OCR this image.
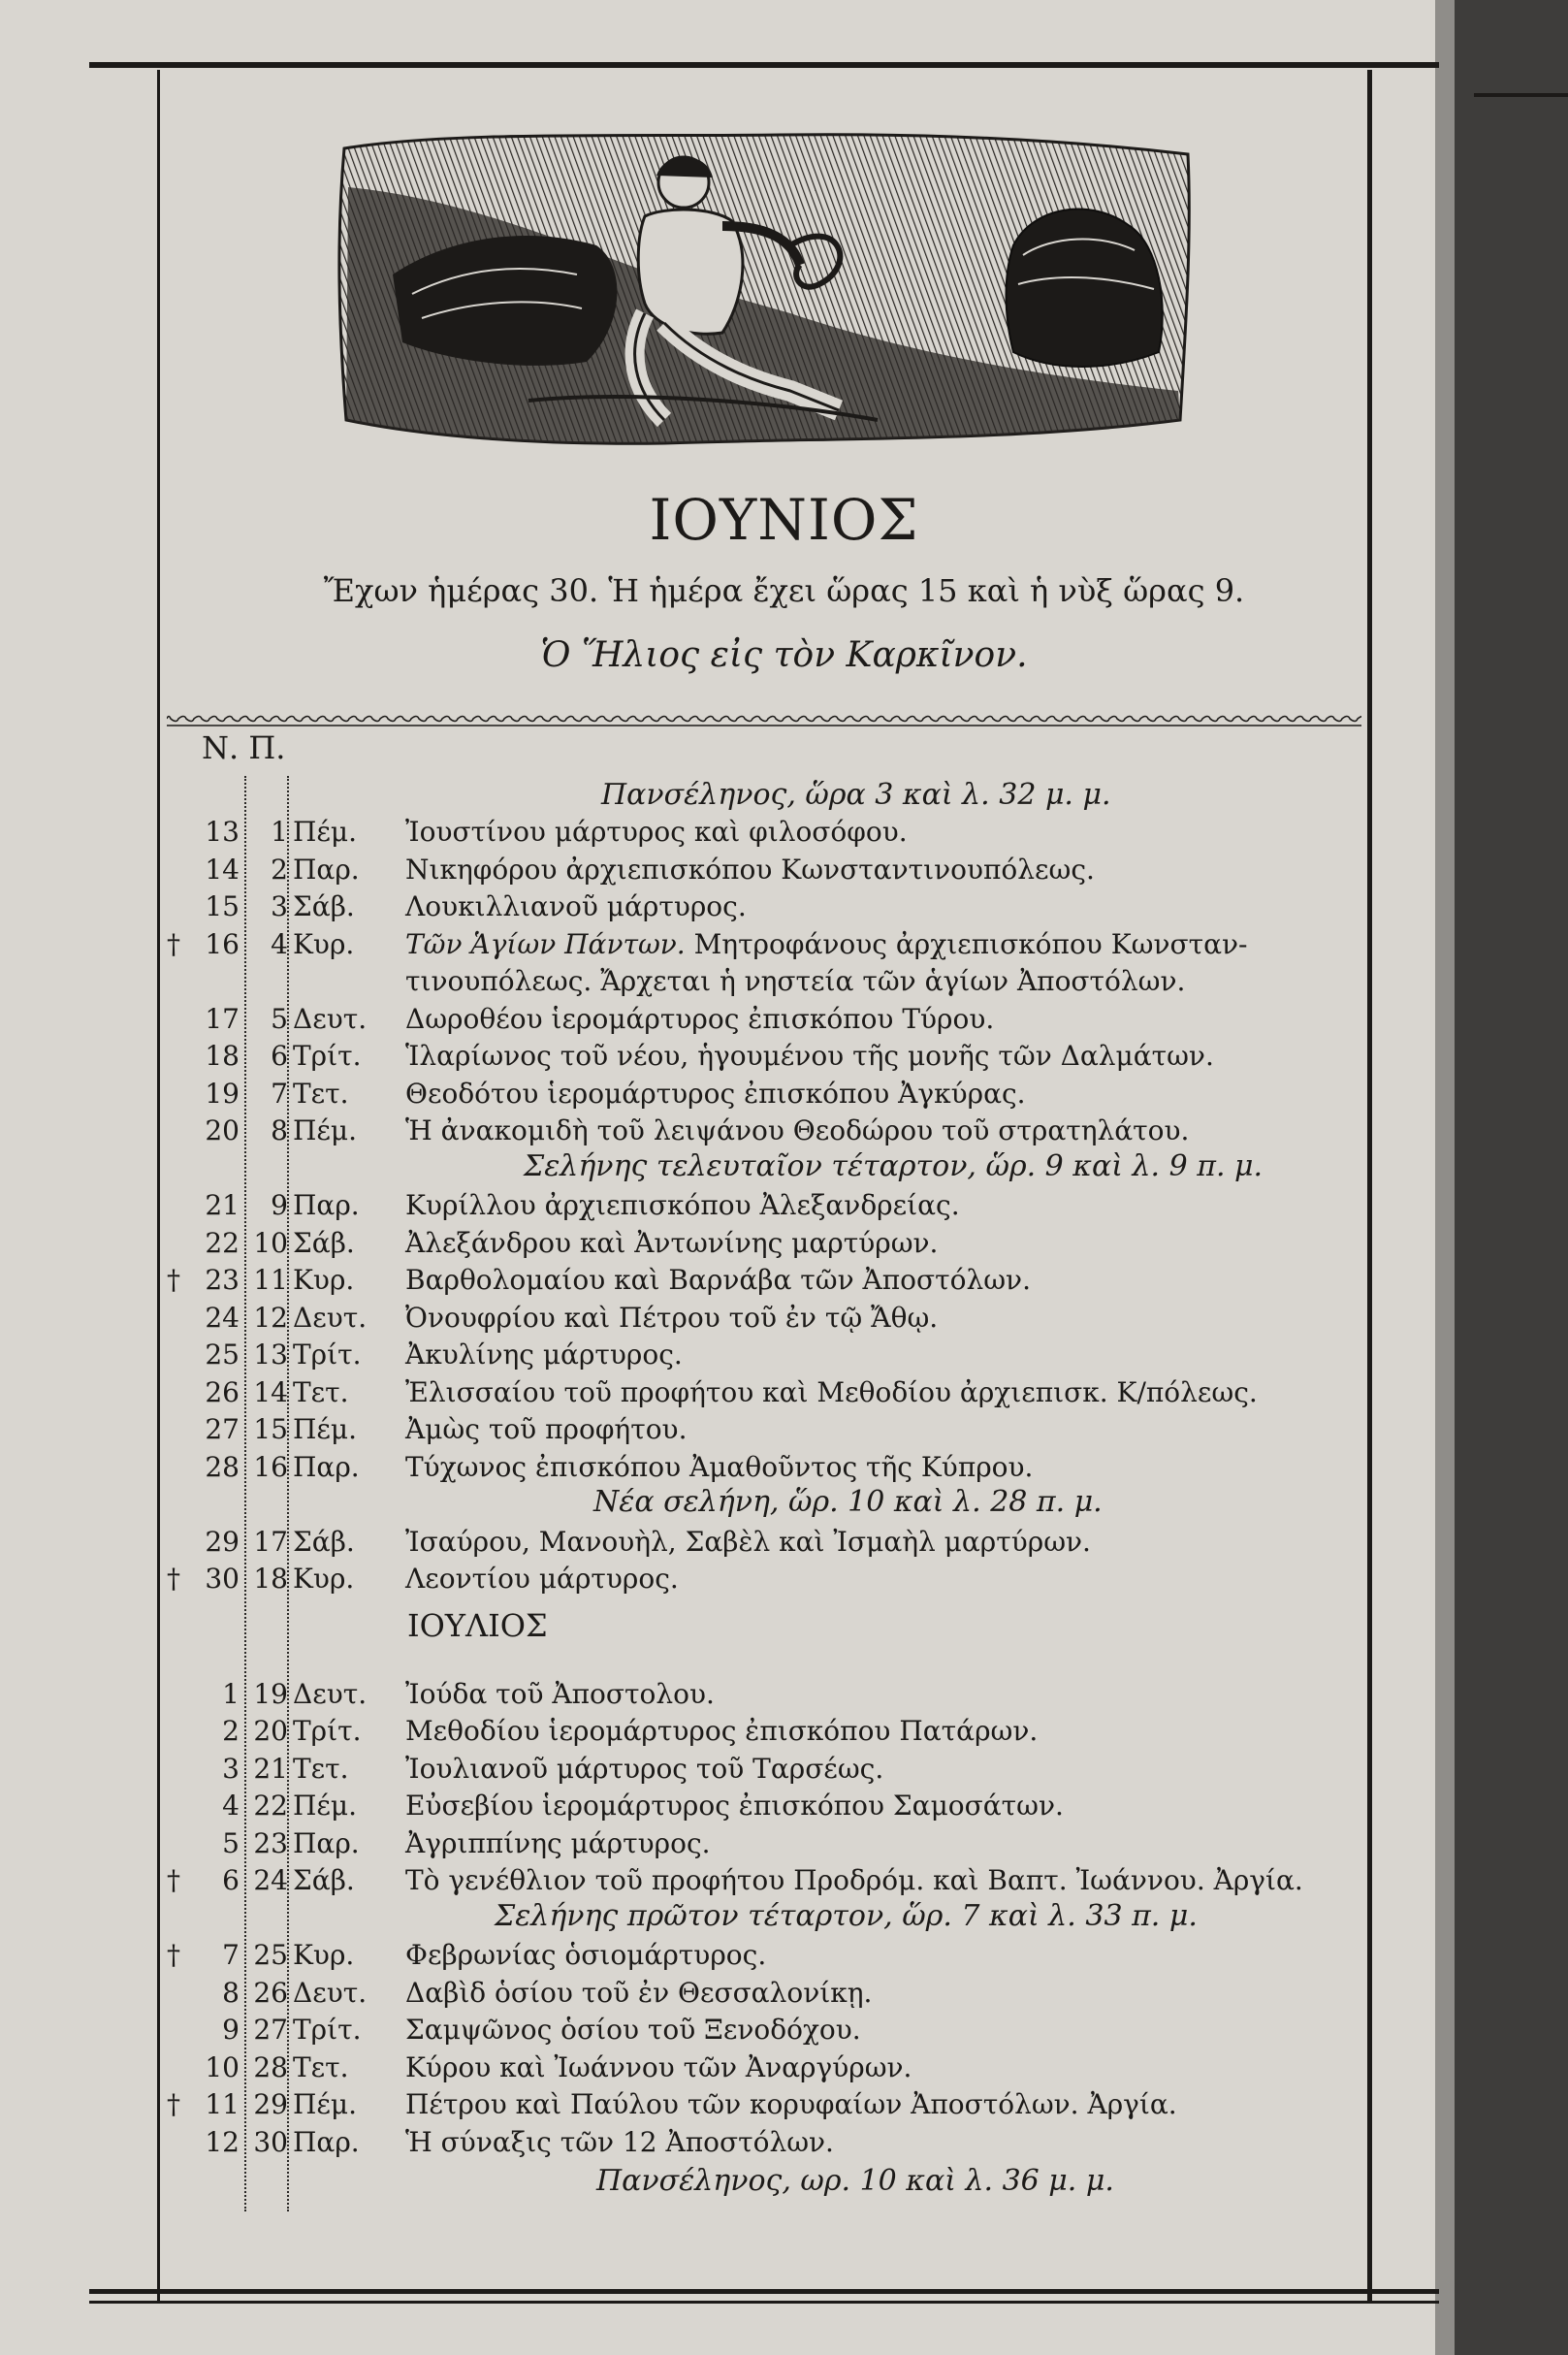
ΙΟΥΝΙΟΣ
Ἔχων ἡμέρας 30. Ἡ ἡμέρα ἔχει ὥρας 15 καὶ ἡ νὺξ ὥρας 9.
Ὁ Ἥλιος εἰς τὸν Καρκῖνον.
Ν. Π.
Πανσέληνος, ὥρα 3 καὶ λ. 32 μ. μ.
13	1 Πέμ.	Ἰουστίνου μάρτυρος καὶ φιλοσόφου.
14	2 Παρ.	Νικηφόρου ἀρχιεπισκόπου Κωνσταντινουπόλεως.
15	3 Σάβ.	Λουκιλλιανοῦ μάρτυρος.
† 16	4 Κυρ.	Τῶν Ἁγίων Πάντων. Μητροφάνους ἀρχιεπισκόπου Κωνσταν-
τινουπόλεως. Ἄρχεται ἡ νηστεία τῶν ἁγίων Ἀποστόλων.
17	5 Δευτ.	Δωροθέου ἱερομάρτυρος ἐπισκόπου Τύρου.
18	6 Τρίτ.	Ἱλαρίωνος τοῦ νέου, ἡγουμένου τῆς μονῆς τῶν Δαλμάτων.
19	7 Τετ.	Θεοδότου ἱερομάρτυρος ἐπισκόπου Ἀγκύρας.
20	8 Πέμ.	Ἡ ἀνακομιδὴ τοῦ λειψάνου Θεοδώρου τοῦ στρατηλάτου.
Σελήνης τελευταῖον τέταρτον, ὥρ. 9 καὶ λ. 9 π. μ.
21	9 Παρ.	Κυρίλλου ἀρχιεπισκόπου Ἀλεξανδρείας.
22 10 Σάβ.	Ἀλεξάνδρου καὶ Ἀντωνίνης μαρτύρων.
† 23 11 Κυρ.	Βαρθολομαίου καὶ Βαρνάβα τῶν Ἀποστόλων.
24 12 Δευτ.	Ὀνουφρίου καὶ Πέτρου τοῦ ἐν τῷ Ἄθῳ.
25 13 Τρίτ.	Ἀκυλίνης μάρτυρος.
26 14 Τετ.	Ἐλισσαίου τοῦ προφήτου καὶ Μεθοδίου ἀρχιεπισκ. Κ/πόλεως.
27 15 Πέμ.	Ἀμὼς τοῦ προφήτου.
28 16 Παρ.	Τύχωνος ἐπισκόπου Ἀμαθοῦντος τῆς Κύπρου.
Νέα σελήνη, ὥρ. 10 καὶ λ. 28 π. μ.
29 17 Σάβ.	Ἰσαύρου, Μανουὴλ, Σαβὲλ καὶ Ἰσμαὴλ μαρτύρων.
† 30 18 Κυρ.	Λεοντίου μάρτυρος.
ΙΟΥΛΙΟΣ
1 19 Δευτ.	Ἰούδα τοῦ Ἀποστολου.
2 20 Τρίτ.	Μεθοδίου ἱερομάρτυρος ἐπισκόπου Πατάρων.
3 21 Τετ.	Ἰουλιανοῦ μάρτυρος τοῦ Ταρσέως.
4 22 Πέμ.	Εὐσεβίου ἱερομάρτυρος ἐπισκόπου Σαμοσάτων.
5 23 Παρ.	Ἀγριππίνης μάρτυρος.
†	6 24 Σάβ.	Τὸ γενέθλιον τοῦ προφήτου Προδρόμ. καὶ Βαπτ. Ἰωάννου. Ἀργία.
Σελήνης πρῶτον τέταρτον, ὥρ. 7 καὶ λ. 33 π. μ.
†	7 25 Κυρ.	Φεβρωνίας ὁσιομάρτυρος.
8 26 Δευτ.	Δαβὶδ ὁσίου τοῦ ἐν Θεσσαλονίκῃ.
9 27 Τρίτ.	Σαμψῶνος ὁσίου τοῦ Ξενοδόχου.
10 28 Τετ.	Κύρου καὶ Ἰωάννου τῶν Ἀναργύρων.
† 11 29 Πέμ.	Πέτρου καὶ Παύλου τῶν κορυφαίων Ἀποστόλων. Ἀργία.
12 30 Παρ.	Ἡ σύναξις τῶν 12 Ἀποστόλων.
Πανσέληνος, ωρ. 10 καὶ λ. 36 μ. μ.
